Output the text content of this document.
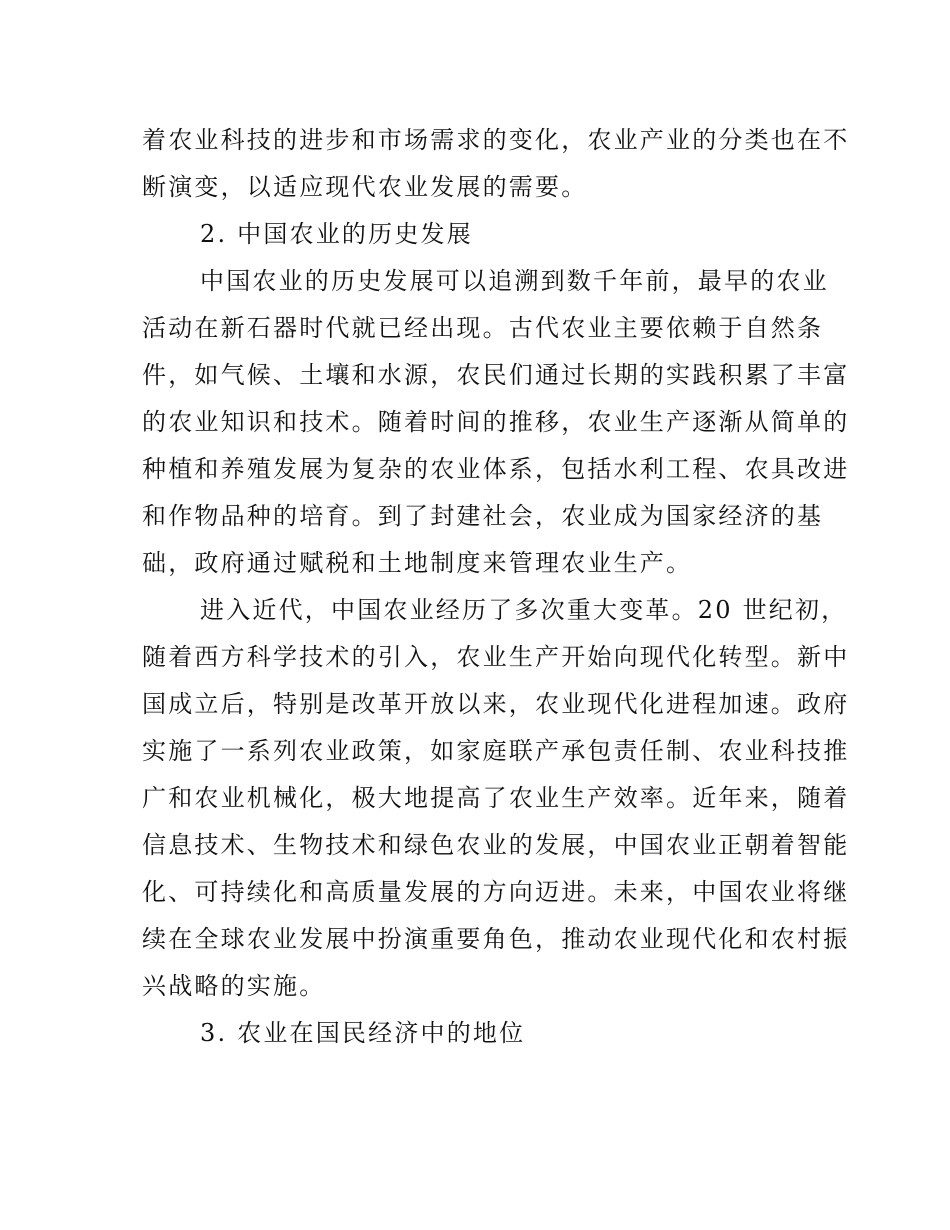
着农业科技的进步和市场需求的变化，农业产业的分类也在不
断演变，以适应现代农业发展的需要。
2. 中国农业的历史发展
中国农业的历史发展可以追溯到数千年前，最早的农业
活动在新石器时代就已经出现。古代农业主要依赖于自然条
件，如气候、土壤和水源，农民们通过长期的实践积累了丰富
的农业知识和技术。随着时间的推移，农业生产逐渐从简单的
种植和养殖发展为复杂的农业体系，包括水利工程、农具改进
和作物品种的培育。到了封建社会，农业成为国家经济的基
础，政府通过赋税和土地制度来管理农业生产。
进入近代，中国农业经历了多次重大变革。20 世纪初，
随着西方科学技术的引入，农业生产开始向现代化转型。新中
国成立后，特别是改革开放以来，农业现代化进程加速。政府
实施了一系列农业政策，如家庭联产承包责任制、农业科技推
广和农业机械化，极大地提高了农业生产效率。近年来，随着
信息技术、生物技术和绿色农业的发展，中国农业正朝着智能
化、可持续化和高质量发展的方向迈进。未来，中国农业将继
续在全球农业发展中扮演重要角色，推动农业现代化和农村振
兴战略的实施。
3. 农业在国民经济中的地位
